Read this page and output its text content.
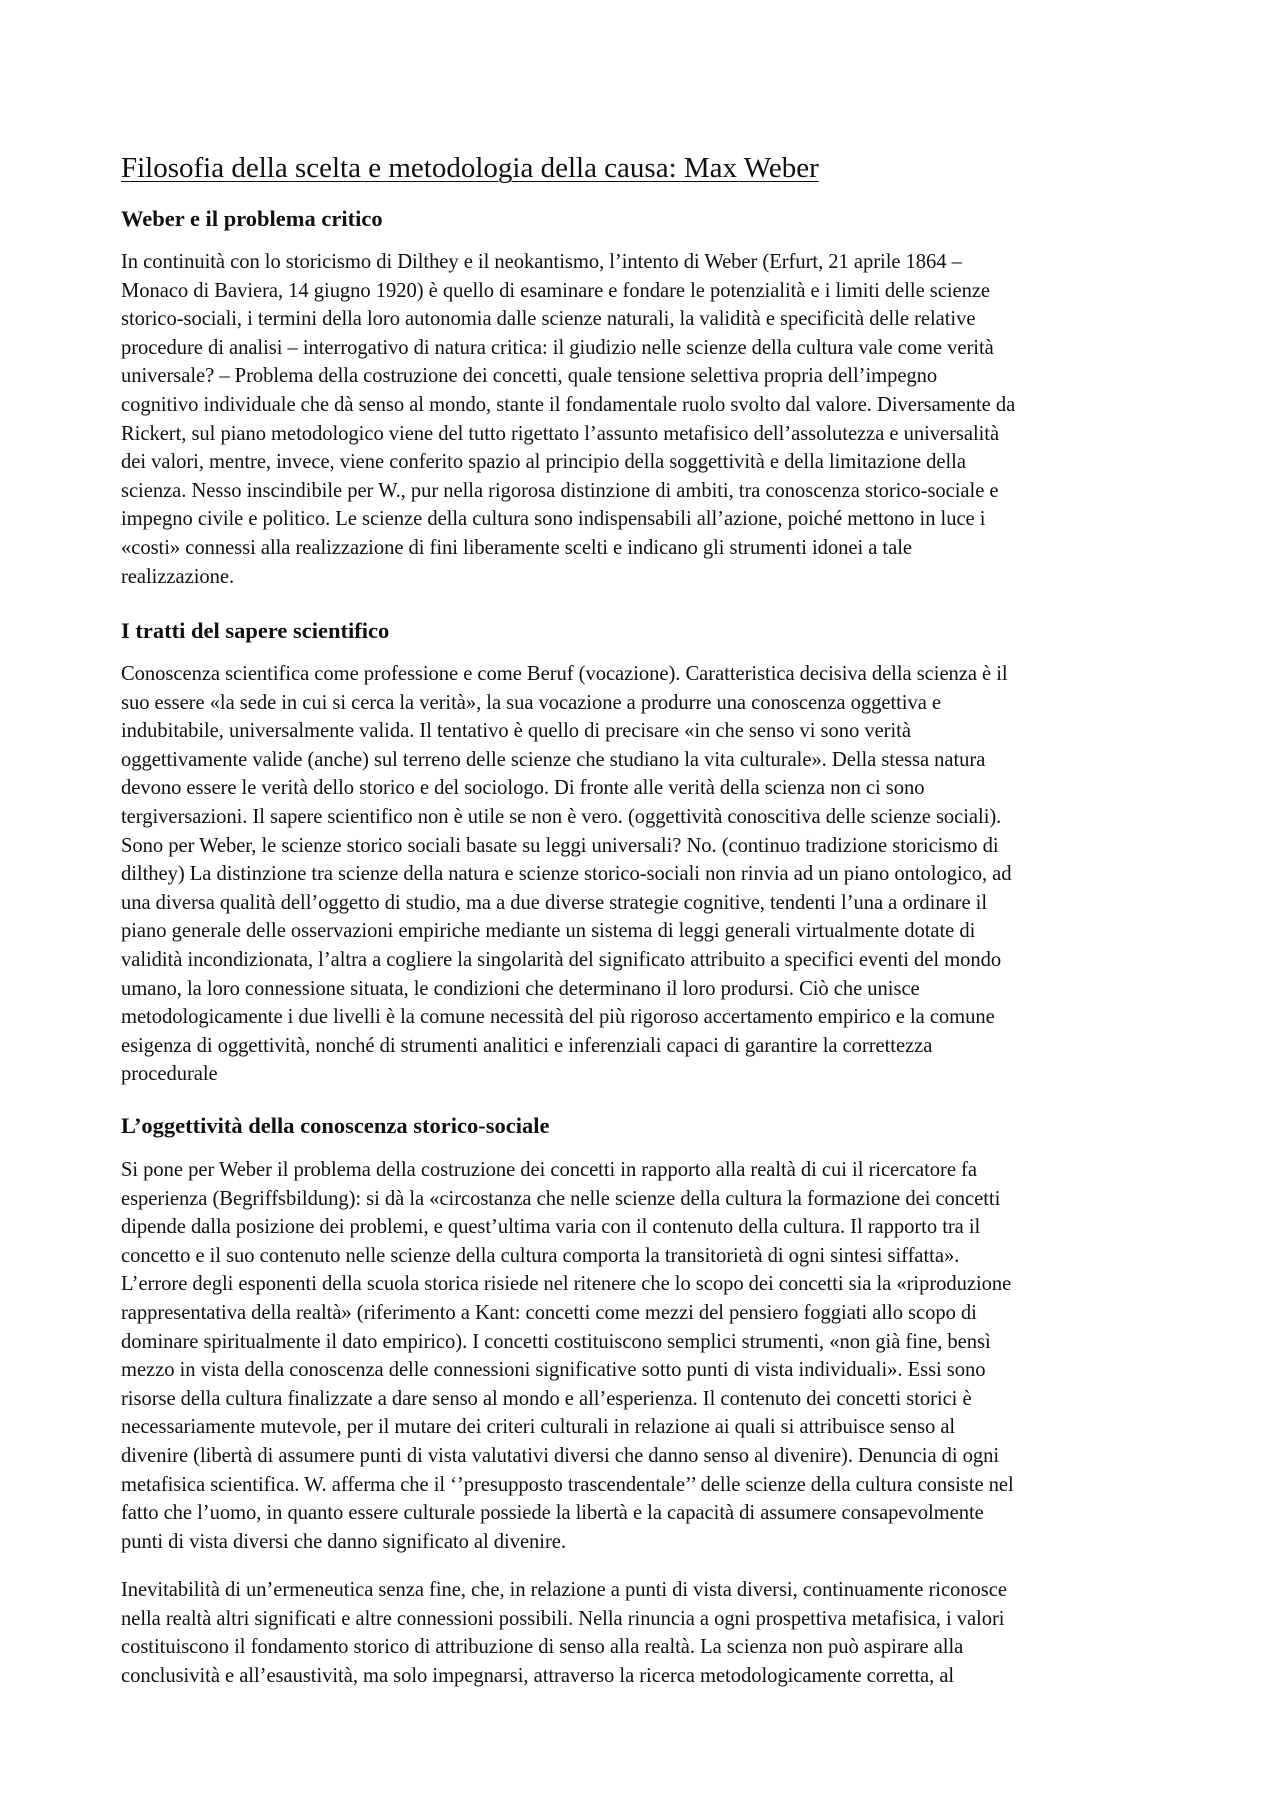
Filosofia della scelta e metodologia della causa: Max Weber
Weber e il problema critico

In continuità con lo storicismo di Dilthey e il neokantismo, l’intento di Weber (Erfurt, 21 aprile 1864 –
Monaco di Baviera, 14 giugno 1920) è quello di esaminare e fondare le potenzialità e i limiti delle scienze
storico-sociali, i termini della loro autonomia dalle scienze naturali, la validità e specificità delle relative
procedure di analisi – interrogativo di natura critica: il giudizio nelle scienze della cultura vale come verità
universale? – Problema della costruzione dei concetti, quale tensione selettiva propria dell’impegno
cognitivo individuale che dà senso al mondo, stante il fondamentale ruolo svolto dal valore. Diversamente da
Rickert, sul piano metodologico viene del tutto rigettato l’assunto metafisico dell’assolutezza e universalità
dei valori, mentre, invece, viene conferito spazio al principio della soggettività e della limitazione della
scienza. Nesso inscindibile per W., pur nella rigorosa distinzione di ambiti, tra conoscenza storico-sociale e
impegno civile e politico. Le scienze della cultura sono indispensabili all’azione, poiché mettono in luce i
«costi» connessi alla realizzazione di fini liberamente scelti e indicano gli strumenti idonei a tale
realizzazione.

I tratti del sapere scientifico

Conoscenza scientifica come professione e come Beruf (vocazione). Caratteristica decisiva della scienza è il
suo essere «la sede in cui si cerca la verità», la sua vocazione a produrre una conoscenza oggettiva e
indubitabile, universalmente valida. Il tentativo è quello di precisare «in che senso vi sono verità
oggettivamente valide (anche) sul terreno delle scienze che studiano la vita culturale». Della stessa natura
devono essere le verità dello storico e del sociologo. Di fronte alle verità della scienza non ci sono
tergiversazioni. Il sapere scientifico non è utile se non è vero. (oggettività conoscitiva delle scienze sociali).
Sono per Weber, le scienze storico sociali basate su leggi universali? No. (continuo tradizione storicismo di
dilthey) La distinzione tra scienze della natura e scienze storico-sociali non rinvia ad un piano ontologico, ad
una diversa qualità dell’oggetto di studio, ma a due diverse strategie cognitive, tendenti l’una a ordinare il
piano generale delle osservazioni empiriche mediante un sistema di leggi generali virtualmente dotate di
validità incondizionata, l’altra a cogliere la singolarità del significato attribuito a specifici eventi del mondo
umano, la loro connessione situata, le condizioni che determinano il loro prodursi. Ciò che unisce
metodologicamente i due livelli è la comune necessità del più rigoroso accertamento empirico e la comune
esigenza di oggettività, nonché di strumenti analitici e inferenziali capaci di garantire la correttezza
procedurale

L’oggettività della conoscenza storico-sociale

Si pone per Weber il problema della costruzione dei concetti in rapporto alla realtà di cui il ricercatore fa
esperienza (Begriffsbildung): si dà la «circostanza che nelle scienze della cultura la formazione dei concetti
dipende dalla posizione dei problemi, e quest’ultima varia con il contenuto della cultura. Il rapporto tra il
concetto e il suo contenuto nelle scienze della cultura comporta la transitorietà di ogni sintesi siffatta».
L’errore degli esponenti della scuola storica risiede nel ritenere che lo scopo dei concetti sia la «riproduzione
rappresentativa della realtà» (riferimento a Kant: concetti come mezzi del pensiero foggiati allo scopo di
dominare spiritualmente il dato empirico). I concetti costituiscono semplici strumenti, «non già fine, bensì
mezzo in vista della conoscenza delle connessioni significative sotto punti di vista individuali». Essi sono
risorse della cultura finalizzate a dare senso al mondo e all’esperienza. Il contenuto dei concetti storici è
necessariamente mutevole, per il mutare dei criteri culturali in relazione ai quali si attribuisce senso al
divenire (libertà di assumere punti di vista valutativi diversi che danno senso al divenire). Denuncia di ogni
metafisica scientifica. W. afferma che il ‘’presupposto trascendentale’’ delle scienze della cultura consiste nel
fatto che l’uomo, in quanto essere culturale possiede la libertà e la capacità di assumere consapevolmente
punti di vista diversi che danno significato al divenire.

Inevitabilità di un’ermeneutica senza fine, che, in relazione a punti di vista diversi, continuamente riconosce
nella realtà altri significati e altre connessioni possibili. Nella rinuncia a ogni prospettiva metafisica, i valori
costituiscono il fondamento storico di attribuzione di senso alla realtà. La scienza non può aspirare alla
conclusività e all’esaustività, ma solo impegnarsi, attraverso la ricerca metodologicamente corretta, al
